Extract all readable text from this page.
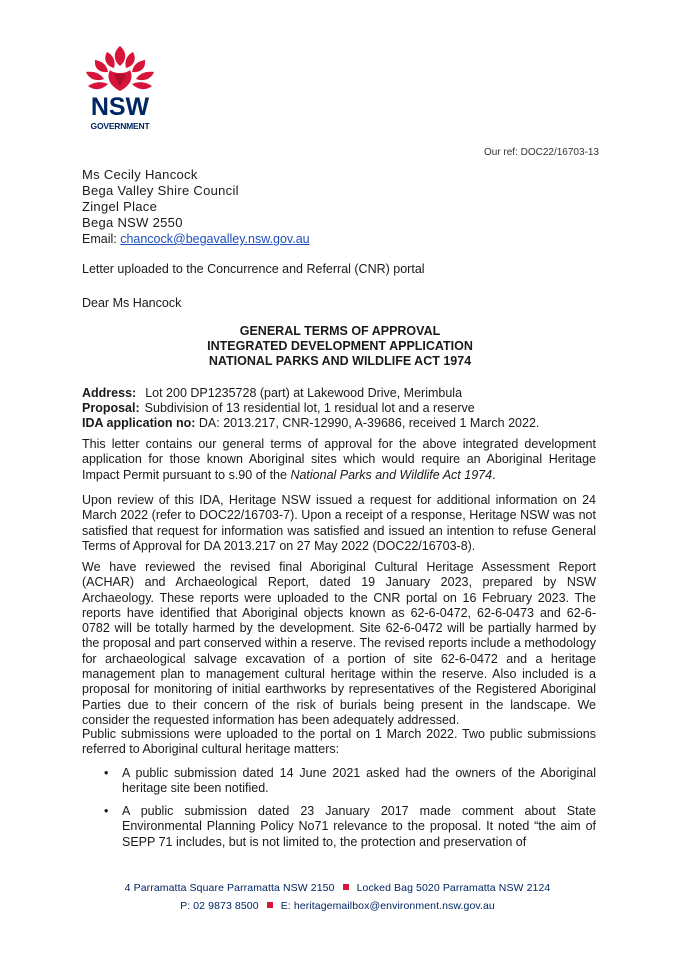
NSW
GOVERNMENT
Our ref: DOC22/16703-13
Ms Cecily Hancock
Bega Valley Shire Council
Zingel Place
Bega NSW 2550
Email: chancock@begavalley.nsw.gov.au
Letter uploaded to the Concurrence and Referral (CNR) portal
Dear Ms Hancock
GENERAL TERMS OF APPROVAL
INTEGRATED DEVELOPMENT APPLICATION
NATIONAL PARKS AND WILDLIFE ACT 1974
Address: Lot 200 DP1235728 (part) at Lakewood Drive, Merimbula
Proposal: Subdivision of 13 residential lot, 1 residual lot and a reserve
IDA application no: DA: 2013.217, CNR-12990, A-39686, received 1 March 2022.
This letter contains our general terms of approval for the above integrated development application for those known Aboriginal sites which would require an Aboriginal Heritage Impact Permit pursuant to s.90 of the National Parks and Wildlife Act 1974.
Upon review of this IDA, Heritage NSW issued a request for additional information on 24 March 2022 (refer to DOC22/16703-7). Upon a receipt of a response, Heritage NSW was not satisfied that request for information was satisfied and issued an intention to refuse General Terms of Approval for DA 2013.217 on 27 May 2022 (DOC22/16703-8).
We have reviewed the revised final Aboriginal Cultural Heritage Assessment Report (ACHAR) and Archaeological Report, dated 19 January 2023, prepared by NSW Archaeology. These reports were uploaded to the CNR portal on 16 February 2023. The reports have identified that Aboriginal objects known as 62-6-0472, 62-6-0473 and 62-6-0782 will be totally harmed by the development. Site 62-6-0472 will be partially harmed by the proposal and part conserved within a reserve. The revised reports include a methodology for archaeological salvage excavation of a portion of site 62-6-0472 and a heritage management plan to management cultural heritage within the reserve. Also included is a proposal for monitoring of initial earthworks by representatives of the Registered Aboriginal Parties due to their concern of the risk of burials being present in the landscape. We consider the requested information has been adequately addressed.
Public submissions were uploaded to the portal on 1 March 2022. Two public submissions referred to Aboriginal cultural heritage matters:
• A public submission dated 14 June 2021 asked had the owners of the Aboriginal heritage site been notified.
• A public submission dated 23 January 2017 made comment about State Environmental Planning Policy No71 relevance to the proposal. It noted “the aim of SEPP 71 includes, but is not limited to, the protection and preservation of
4 Parramatta Square Parramatta NSW 2150 Locked Bag 5020 Parramatta NSW 2124
P: 02 9873 8500 E: heritagemailbox@environment.nsw.gov.au
